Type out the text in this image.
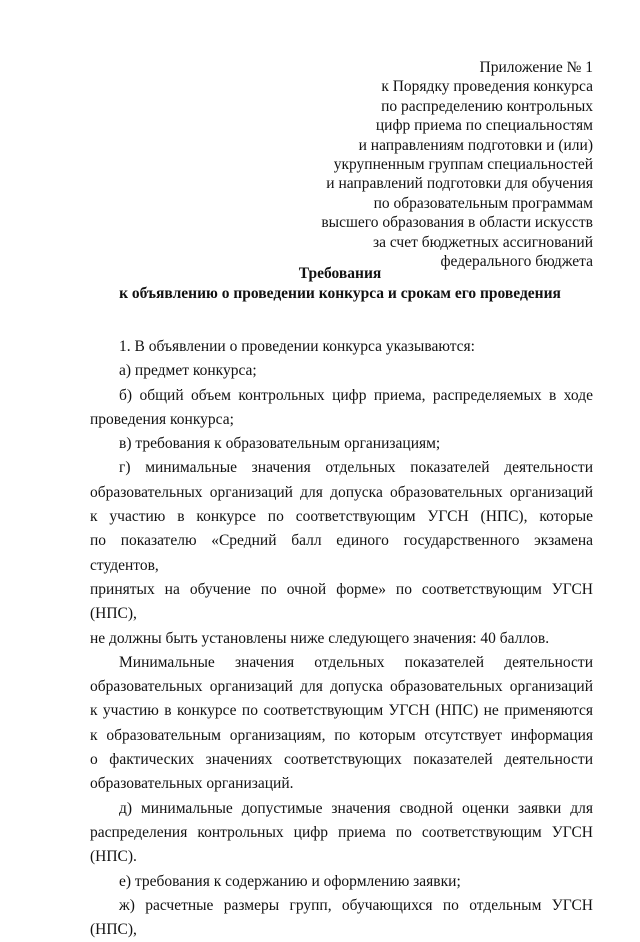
Приложение № 1
к Порядку проведения конкурса
по распределению контрольных
цифр приема по специальностям
и направлениям подготовки и (или)
укрупненным группам специальностей
и направлений подготовки для обучения
по образовательным программам
высшего образования в области искусств
за счет бюджетных ассигнований
федерального бюджета
Требования
к объявлению о проведении конкурса и срокам его проведения
1. В объявлении о проведении конкурса указываются:
а) предмет конкурса;
б) общий объем контрольных цифр приема, распределяемых в ходе
проведения конкурса;
в) требования к образовательным организациям;
г) минимальные значения отдельных показателей деятельности
образовательных организаций для допуска образовательных организаций
к участию в конкурсе по соответствующим УГСН (НПС), которые
по показателю «Средний балл единого государственного экзамена студентов,
принятых на обучение по очной форме» по соответствующим УГСН (НПС),
не должны быть установлены ниже следующего значения: 40 баллов.
Минимальные значения отдельных показателей деятельности
образовательных организаций для допуска образовательных организаций
к участию в конкурсе по соответствующим УГСН (НПС) не применяются
к образовательным организациям, по которым отсутствует информация
о фактических значениях соответствующих показателей деятельности
образовательных организаций.
д) минимальные допустимые значения сводной оценки заявки для
распределения контрольных цифр приема по соответствующим УГСН (НПС).
е) требования к содержанию и оформлению заявки;
ж) расчетные размеры групп, обучающихся по отдельным УГСН (НПС),
